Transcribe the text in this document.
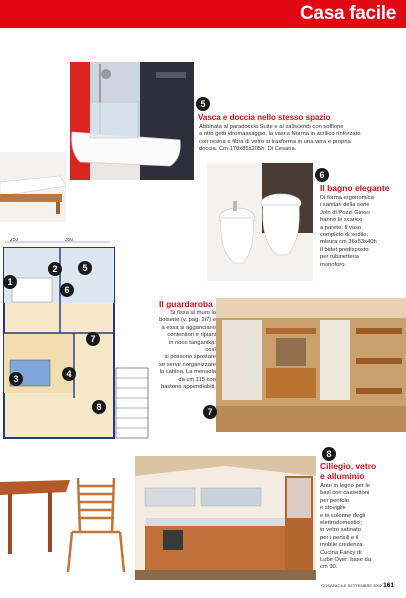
Casa facile
5
Vasca e doccia nello stesso spazio
Abbinata al paradoccia Suite e al saliscendi con soffione
a otto getti idromassaggio, la vasca Norma in acrilico rinforzato
con resina e fibra di vetro si trasforma in una vera e propria
doccia. Cm 170x85x205h. Di Cesana.
6
Il bagno elegante
Di forma ergonomica
i sanitari della serie
Join di Pozzi Ginori
hanno lo scarico
a parete. Il vaso
completo di sedile,
misura cm 36x53x40h
Il bidet predisposto
per rubinetteria
monoforo.
250	350
1
2
3	4
5
6
7
8
Il guardaroba
Si fissa al muro la
boiserie (v. pag. 2i7) e
a essa si agganciano
contenitori e ripiani
in noce tanganika: così
si possono spostare
se serve riorganizzare
la cabina. La mensola
da cm 115 con
bastone appendiabiti.
7
8
Ciliegio, vetro
e alluminio
Ante in legno per le
basi con cassettoni
per pentole
e stoviglie
e le colonne degli
elettrodomestici;
in vetro satinato
per i pensili e il
mobile credenza.
Cucina Fancy di
Lube Over: base da
cm 90.
COSAFACILE SETTEMBRE 2002 161
